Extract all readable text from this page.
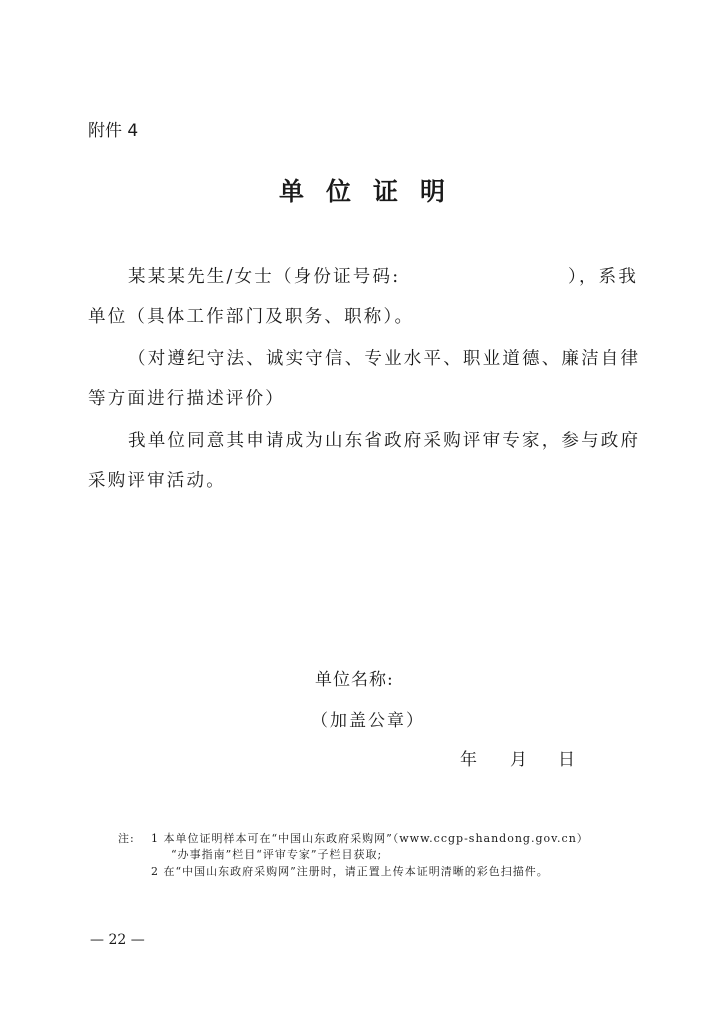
附件 4
单位证明
某某某先生/女士（身份证号码:	），系我
单位（具体工作部门及职务、职称）。
（对遵纪守法、诚实守信、专业水平、职业道德、廉洁自律
等方面进行描述评价）
我单位同意其申请成为山东省政府采购评审专家，参与政府
采购评审活动。
单位名称:
（加盖公章）
年 月 日
注: 1 本单位证明样本可在“中国山东政府采购网”（www.ccgp-shandong.gov.cn）
“办事指南”栏目“评审专家”子栏目获取;
2 在“中国山东政府采购网”注册时，请正置上传本证明清晰的彩色扫描件。
— 22 —
